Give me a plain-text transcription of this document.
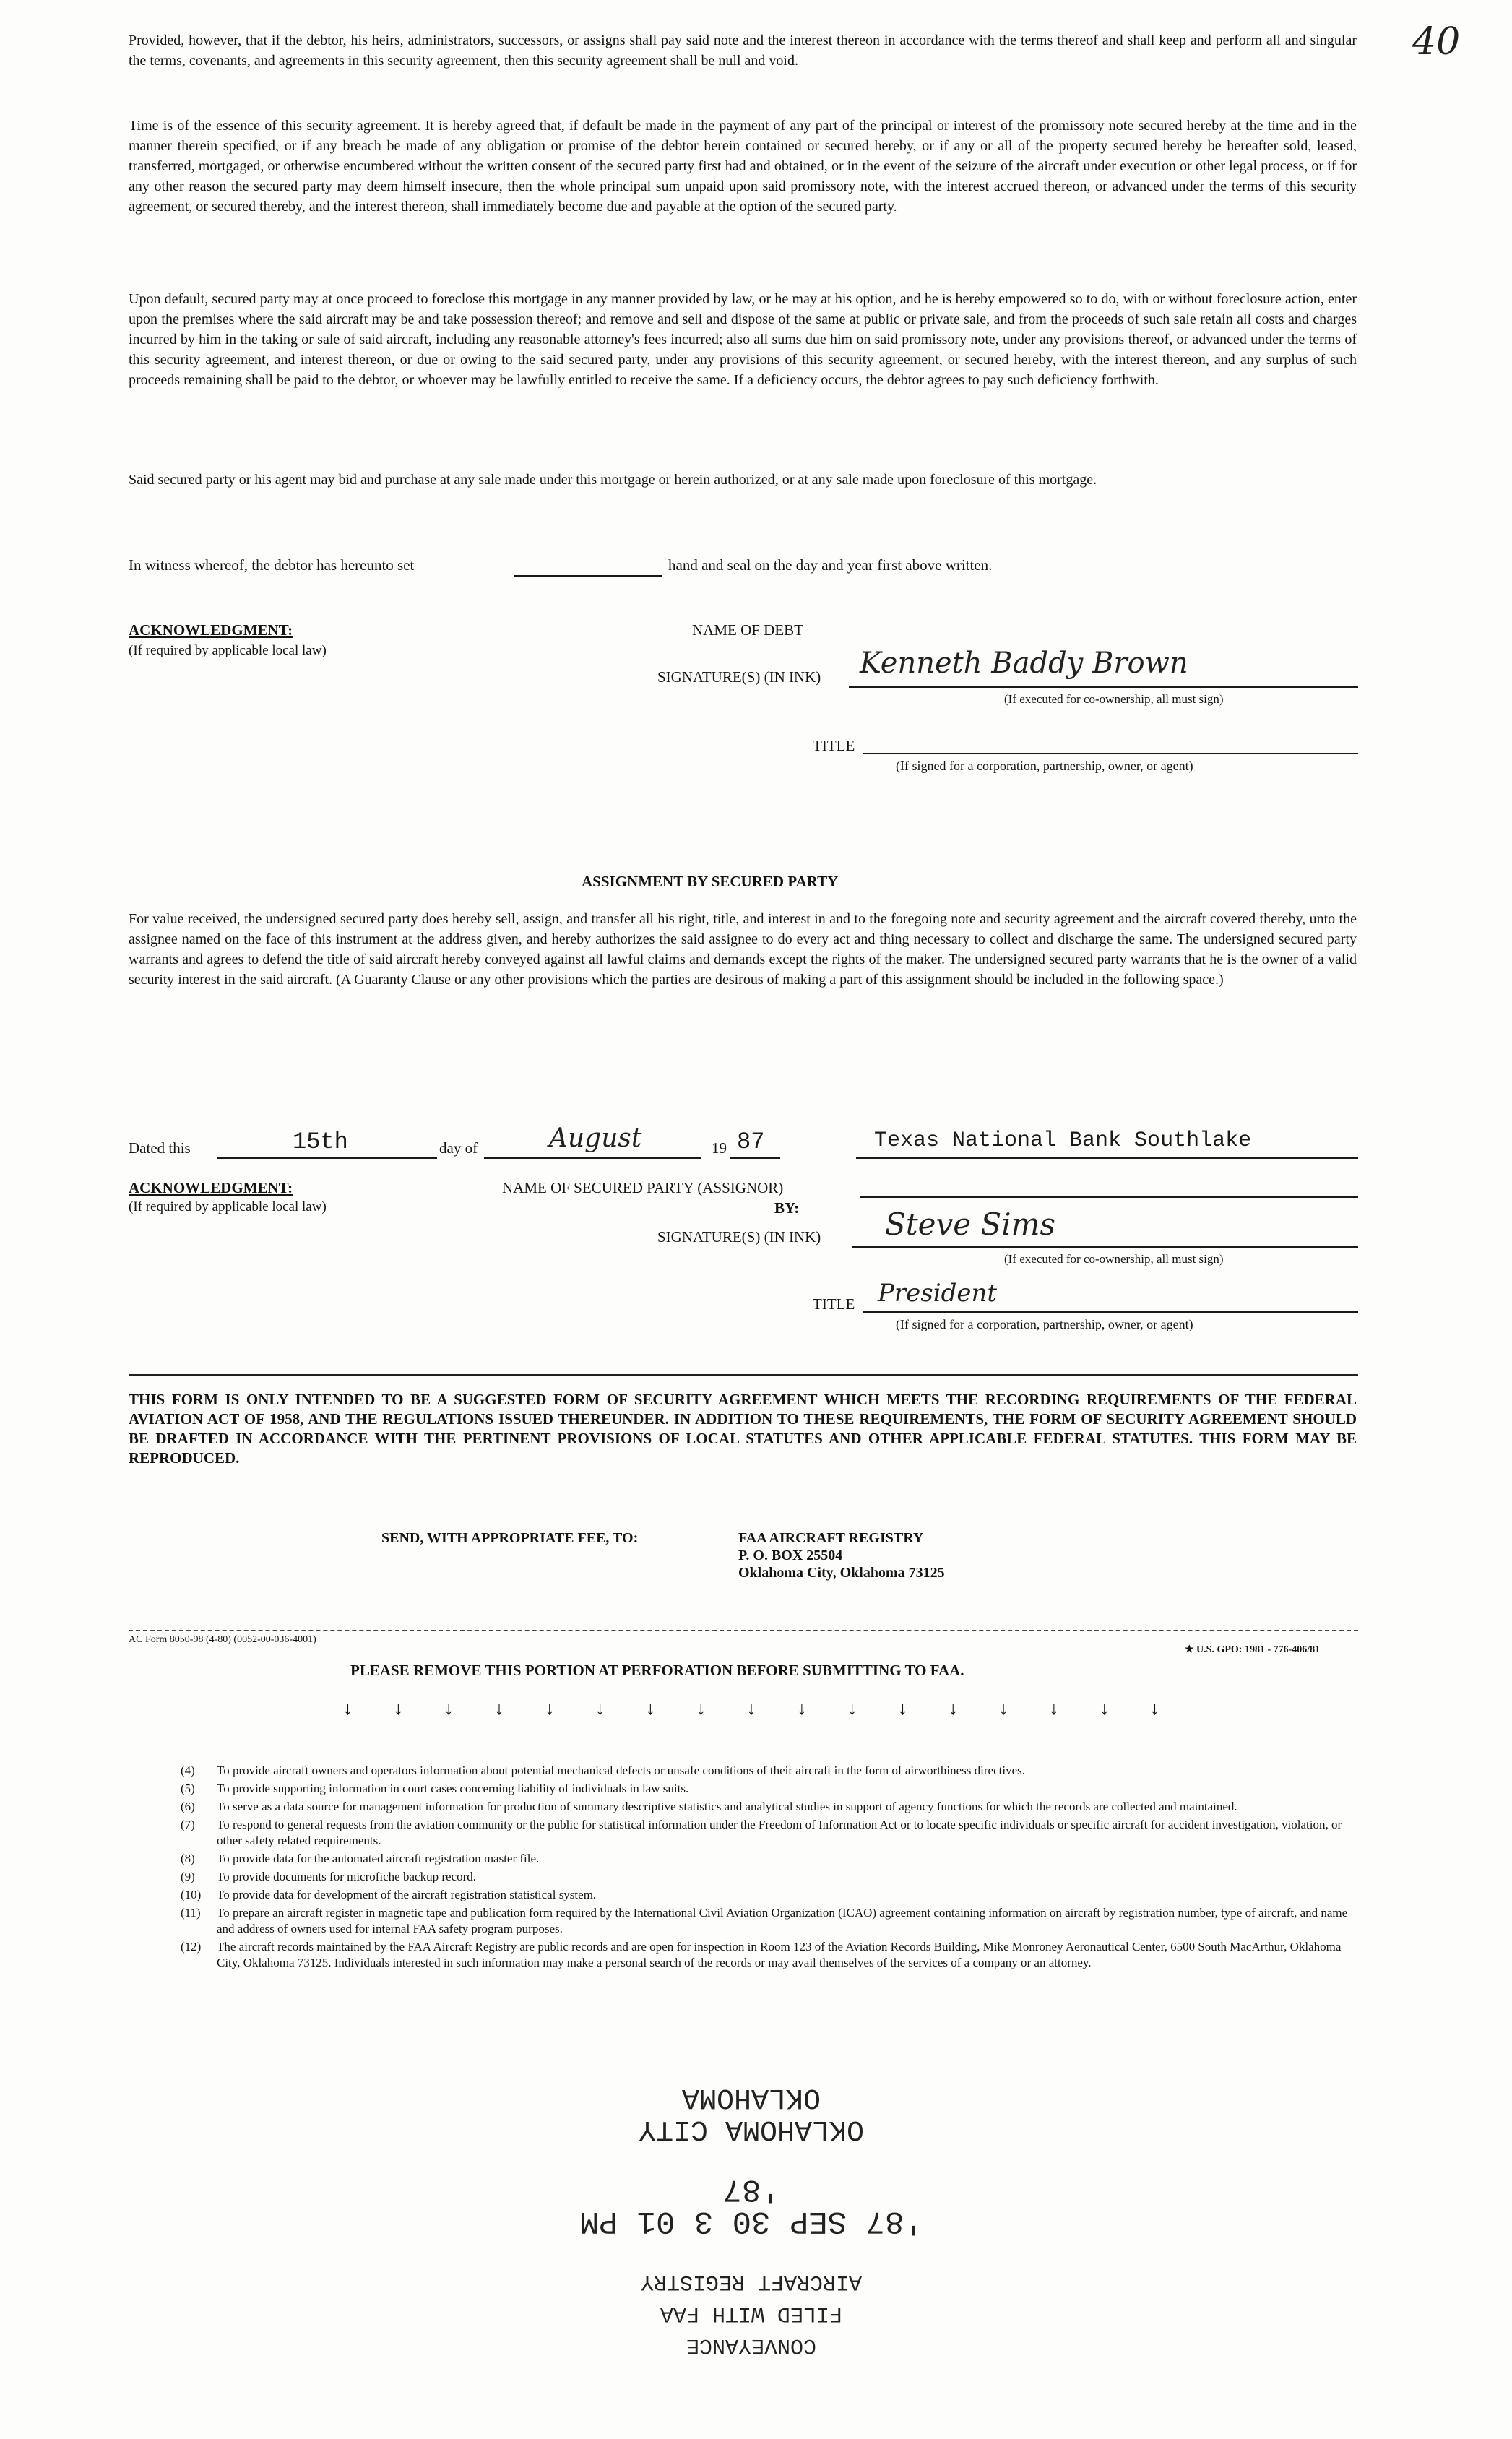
40
Provided, however, that if the debtor, his heirs, administrators, successors, or assigns shall pay said note and the interest thereon in accordance with the terms thereof and shall keep and perform all and singular the terms, covenants, and agreements in this security agreement, then this security agreement shall be null and void.
Time is of the essence of this security agreement. It is hereby agreed that, if default be made in the payment of any part of the principal or interest of the promissory note secured hereby at the time and in the manner therein specified, or if any breach be made of any obligation or promise of the debtor herein contained or secured hereby, or if any or all of the property secured hereby be hereafter sold, leased, transferred, mortgaged, or otherwise encumbered without the written consent of the secured party first had and obtained, or in the event of the seizure of the aircraft under execution or other legal process, or if for any other reason the secured party may deem himself insecure, then the whole principal sum unpaid upon said promissory note, with the interest accrued thereon, or advanced under the terms of this security agreement, or secured thereby, and the interest thereon, shall immediately become due and payable at the option of the secured party.
Upon default, secured party may at once proceed to foreclose this mortgage in any manner provided by law, or he may at his option, and he is hereby empowered so to do, with or without foreclosure action, enter upon the premises where the said aircraft may be and take possession thereof; and remove and sell and dispose of the same at public or private sale, and from the proceeds of such sale retain all costs and charges incurred by him in the taking or sale of said aircraft, including any reasonable attorney's fees incurred; also all sums due him on said promissory note, under any provisions thereof, or advanced under the terms of this security agreement, and interest thereon, or due or owing to the said secured party, under any provisions of this security agreement, or secured hereby, with the interest thereon, and any surplus of such proceeds remaining shall be paid to the debtor, or whoever may be lawfully entitled to receive the same. If a deficiency occurs, the debtor agrees to pay such deficiency forthwith.
Said secured party or his agent may bid and purchase at any sale made under this mortgage or herein authorized, or at any sale made upon foreclosure of this mortgage.
In witness whereof, the debtor has hereunto set	hand and seal on the day and year first above written.
ACKNOWLEDGMENT:
(If required by applicable local law)
NAME OF DEBT
SIGNATURE(S) (IN INK) Kenneth Baddy Brown
(If executed for co-ownership, all must sign)
TITLE
(If signed for a corporation, partnership, owner, or agent)
ASSIGNMENT BY SECURED PARTY
For value received, the undersigned secured party does hereby sell, assign, and transfer all his right, title, and interest in and to the foregoing note and security agreement and the aircraft covered thereby, unto the assignee named on the face of this instrument at the address given, and hereby authorizes the said assignee to do every act and thing necessary to collect and discharge the same. The undersigned secured party warrants and agrees to defend the title of said aircraft hereby conveyed against all lawful claims and demands except the rights of the maker. The undersigned secured party warrants that he is the owner of a valid security interest in the said aircraft. (A Guaranty Clause or any other provisions which the parties are desirous of making a part of this assignment should be included in the following space.)
Dated this	15th	day of	August	19 87	Texas National Bank Southlake
ACKNOWLEDGMENT:
(If required by applicable local law)
NAME OF SECURED PARTY (ASSIGNOR)
BY:
SIGNATURE(S) (IN INK) Steve Sims
(If executed for co-ownership, all must sign)
TITLE President
(If signed for a corporation, partnership, owner, or agent)
THIS FORM IS ONLY INTENDED TO BE A SUGGESTED FORM OF SECURITY AGREEMENT WHICH MEETS THE RECORDING REQUIREMENTS OF THE FEDERAL AVIATION ACT OF 1958, AND THE REGULATIONS ISSUED THEREUNDER. IN ADDITION TO THESE REQUIREMENTS, THE FORM OF SECURITY AGREEMENT SHOULD BE DRAFTED IN ACCORDANCE WITH THE PERTINENT PROVISIONS OF LOCAL STATUTES AND OTHER APPLICABLE FEDERAL STATUTES. THIS FORM MAY BE REPRODUCED.
SEND, WITH APPROPRIATE FEE, TO:	FAA AIRCRAFT REGISTRY
P. O. BOX 25504
Oklahoma City, Oklahoma 73125
AC Form 8050-98 (4-80) (0052-00-036-4001)
★ U.S. GPO: 1981 - 776-406/81
PLEASE REMOVE THIS PORTION AT PERFORATION BEFORE SUBMITTING TO FAA.
↓ ↓ ↓ ↓ ↓ ↓ ↓ ↓ ↓ ↓ ↓ ↓ ↓ ↓ ↓ ↓ ↓
(4)	To provide aircraft owners and operators information about potential mechanical defects or unsafe conditions of their aircraft in the form of airworthiness directives.
(5)	To provide supporting information in court cases concerning liability of individuals in law suits.
(6)	To serve as a data source for management information for production of summary descriptive statistics and analytical studies in support of agency functions for which the records are collected and maintained.
(7)	To respond to general requests from the aviation community or the public for statistical information under the Freedom of Information Act or to locate specific individuals or specific aircraft for accident investigation, violation, or other safety related requirements.
(8)	To provide data for the automated aircraft registration master file.
(9)	To provide documents for microfiche backup record.
(10)	To provide data for development of the aircraft registration statistical system.
(11)	To prepare an aircraft register in magnetic tape and publication form required by the International Civil Aviation Organization (ICAO) agreement containing information on aircraft by registration number, type of aircraft, and name and address of owners used for internal FAA safety program purposes.
(12)	The aircraft records maintained by the FAA Aircraft Registry are public records and are open for inspection in Room 123 of the Aviation Records Building, Mike Monroney Aeronautical Center, 6500 South MacArthur, Oklahoma City, Oklahoma 73125. Individuals interested in such information may make a personal search of the records or may avail themselves of the services of a company or an attorney.
CONVEYANCE
FILED WITH FAA
AIRCRAFT REGISTRY
'87 SEP 30 3 01 PM '87
OKLAHOMA CITY
OKLAHOMA
